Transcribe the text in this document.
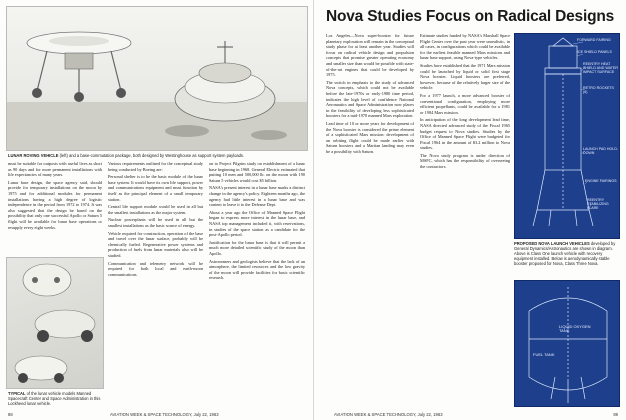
LUNAR ROVING VEHICLE (left) and a base-commutation package, both designed by Westinghouse as support system payloads.

must be suitable for outposts with useful lives as short as 90 days and for more permanent installations with life expectancies of many years.

Lunar base design, the space agency said, should provide for temporary installations on the moon by 1975 and for additional modules for permanent installations having a high degree of logistic independence in the period from 1972 to 1974. It was also suggested that the design be based on the possibility that only one successful Apollo or Saturn 5 flight will be available for lunar base operations or resupply every eight weeks.

Various requirements outlined for the conceptual study being conducted by Boeing are:

Personal shelter is to be the basic module of the lunar base system. It would have its own life support, power and communications equipment and must function by itself as the principal element of a small temporary station.

Central life support module would be used in all but the smallest installations as the major system.

Nuclear powerplants will be used in all but the smallest installations as the basic source of energy.

Vehicle required for construction, operation of the base and travel over the lunar surface, probably will be chemically fueled. Regenerative power systems and production of fuels from lunar materials also will be studied.

Communication and telemetry network will be required for both local and earth-moon communications.

on to Project Pilgrim study on establishment of a lunar base beginning in 1968. General Electric estimated that putting 10 men and 500,000 lb. on the moon with 190 Saturn 5 vehicles would cost $5 billion.

NASA's present interest in a lunar base marks a distinct change in the agency's policy. Eighteen months ago, the agency had little interest in a lunar base and was content to leave it to the Defense Dept.

About a year ago the Office of Manned Space Flight began to express more interest in the lunar base, and NASA top management included it, with reservations, in studies of the space station as a candidate for the post-Apollo period.

Justification for the lunar base is that it will permit a much more detailed scientific study of the moon than Apollo.

Astronomers and geologists believe that the lack of an atmosphere, the limited resources and the low gravity of the moon will provide facilities for basic scientific research.

TYPICAL of the lunar vehicle models Manned Spacecraft Center and Space Administration in this Lockheed lunar vehicle.
88	AVIATION WEEK & SPACE TECHNOLOGY, July 22, 1963
Nova Studies Focus on Radical Designs

Los Angeles—Nova super-booster for future planetary exploration will remain in the conceptual study phase for at least another year. Studies will focus on radical vehicle design and propulsion concepts that promise greater operating economy and smaller size than would be possible with state-of-the-art engines that could be developed by 1975.

The switch in emphasis to the study of advanced Nova concepts, which could not be available before the late-1970s or early-1980 time period, indicates the high level of confidence National Aeronautics and Space Administration now places in the feasibility of developing less sophisticated boosters for a mid-1970 manned Mars exploration.

Lead time of 10 or more years for development of the Nova booster is considered the prime element of a sophisticated Mars mission: development of an orbiting flight could be made earlier with Saturn boosters and a Martian landing may even be a possibility with Saturn.

Estimate studies funded by NASA's Marshall Space Flight Center over the past year were unrealistic, in all cases, in configurations which could be available for the earliest feasible manned Mars missions and lunar base support, using Nova-type vehicles.

Studies have established that the 1971 Mars mission could be launched by liquid or solid first stage Nova booster. Liquid boosters are preferred, however, because of the relatively larger size of the vehicle.

For a 1977 launch, a more advanced booster of conventional configuration, employing more efficient propellants, could be available for a 1981 or 1984 Mars mission.

In anticipation of the long development lead time, NASA directed advanced study of the Fiscal 1965 budget request to Nova studies. Studies by the Office of Manned Space Flight were budgeted for Fiscal 1964 in the amount of $3.2 million to Nova studies.

The Nova study program is under direction of MSFC, which has the responsibility of overseeing the contractors.

FORWARD FAIRING
ICE SHIELD PANELS
REENTRY HEAT SHIELD AND WATER IMPACT SURFACE
RETRO ROCKETS (6)
LAUNCH PAD HOLD-DOWN
ENGINE FAIRINGS
REENTRY STABILIZING FLARE
PROPOSED NOVA LAUNCH VEHICLES developed by General Dynamics/Astronautics are shown in diagram. Above is Class One launch vehicle with recovery equipment installed. Below is aerodynamically stable booster proposed for Nova, Class Three Nova.
LIQUID OXYGEN TANK
FUEL TANK
AVIATION WEEK & SPACE TECHNOLOGY, July 22, 1963	89
